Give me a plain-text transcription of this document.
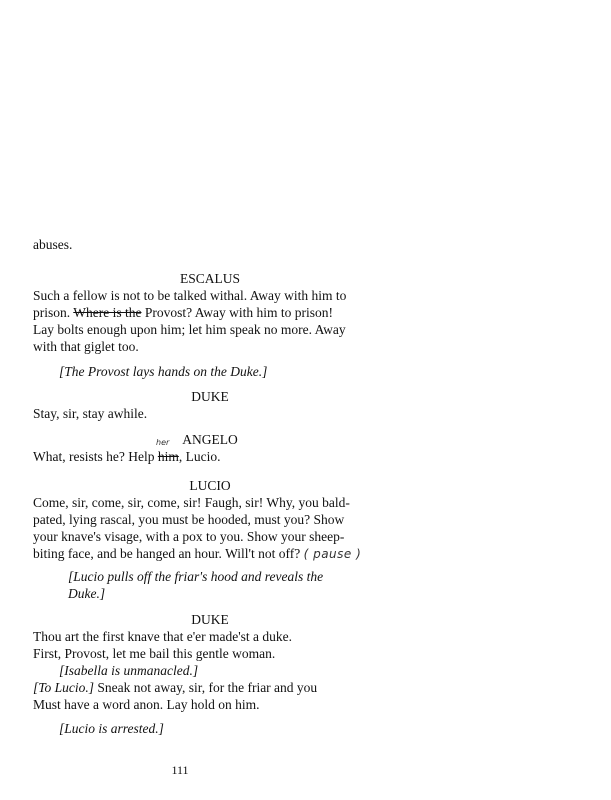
abuses.
ESCALUS
Such a fellow is not to be talked withal. Away with him to
prison. Where is the Provost? Away with him to prison!
Lay bolts enough upon him; let him speak no more. Away
with that giglet too.
[The Provost lays hands on the Duke.]
DUKE
Stay, sir, stay awhile.
ANGELO
her
What, resists he? Help him, Lucio.
LUCIO
Come, sir, come, sir, come, sir! Faugh, sir! Why, you bald-
pated, lying rascal, you must be hooded, must you? Show
your knave's visage, with a pox to you. Show your sheep-
biting face, and be hanged an hour. Will't not off? ( pause )
[Lucio pulls off the friar's hood and reveals the
Duke.]
DUKE
Thou art the first knave that e'er made'st a duke.
First, Provost, let me bail this gentle woman.
[Isabella is unmanacled.]
[To Lucio.] Sneak not away, sir, for the friar and you
Must have a word anon. Lay hold on him.
[Lucio is arrested.]
111
